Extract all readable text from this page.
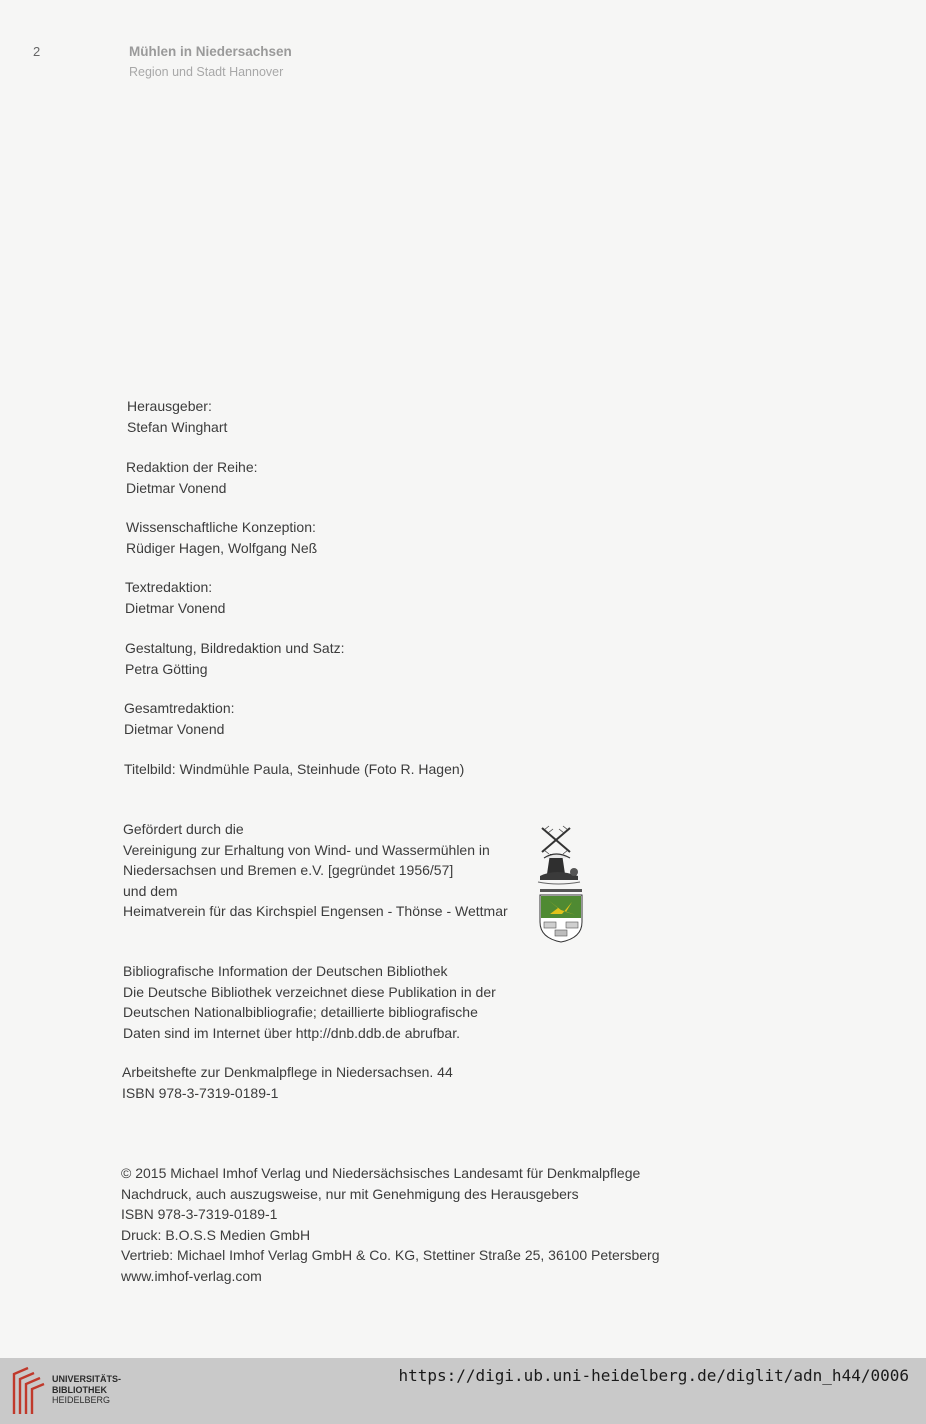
2	Mühlen in Niedersachsen
Region und Stadt Hannover
Herausgeber:
Stefan Winghart
Redaktion der Reihe:
Dietmar Vonend
Wissenschaftliche Konzeption:
Rüdiger Hagen, Wolfgang Neß
Textredaktion:
Dietmar Vonend
Gestaltung, Bildredaktion und Satz:
Petra Götting
Gesamtredaktion:
Dietmar Vonend
Titelbild: Windmühle Paula, Steinhude (Foto R. Hagen)
Gefördert durch die
Vereinigung zur Erhaltung von Wind- und Wassermühlen in
Niedersachsen und Bremen e.V. [gegründet 1956/57]
und dem
Heimatverein für das Kirchspiel Engensen - Thönse - Wettmar
Bibliografische Information der Deutschen Bibliothek
Die Deutsche Bibliothek verzeichnet diese Publikation in der
Deutschen Nationalbibliografie; detaillierte bibliografische
Daten sind im Internet über http://dnb.ddb.de abrufbar.
Arbeitshefte zur Denkmalpflege in Niedersachsen. 44
ISBN 978-3-7319-0189-1
© 2015 Michael Imhof Verlag und Niedersächsisches Landesamt für Denkmalpflege
Nachdruck, auch auszugsweise, nur mit Genehmigung des Herausgebers
ISBN 978-3-7319-0189-1
Druck: B.O.S.S Medien GmbH
Vertrieb: Michael Imhof Verlag GmbH & Co. KG, Stettiner Straße 25, 36100 Petersberg
www.imhof-verlag.com
UNIVERSITÄTS-
BIBLIOTHEK
HEIDELBERG
https://digi.ub.uni-heidelberg.de/diglit/adn_h44/0006
